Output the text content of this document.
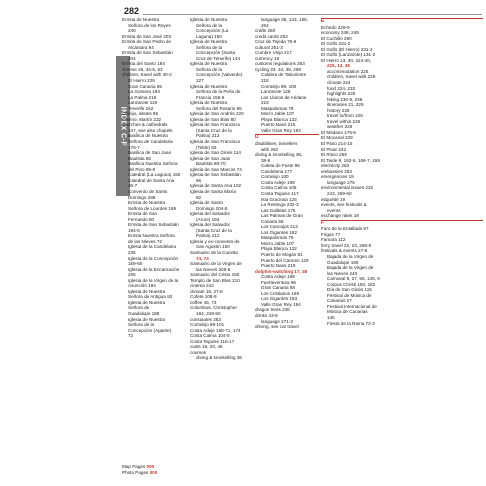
282
INDEX C-F
Ermita de Nuestra
Señora de los Reyes
240
Ermita de San José 203
Ermita de San Pedro de
Alcántara 94
Ermita de San Sebastián
204
Ermita del Santo 194
cheese 26, 44-5, 53
children, travel with 40-2
El Hierro 229
Gran Canaria 65
La Gomera 193
La Palma 219
Lanzarote 119
Tenerife 162
Chinijo, islotes 95
Chirino, Martín 232
churches & cathedrals
247, see also chapels
Basílica de Nuestra
Señora de Candelaria
176-7
Basílica de San Juan
Bautista 65
Basílica Nuestra Señora
del Pino 89-9
Catedral (La Laguna) 150
Catedral de Santa Ana
36-7
Convento de Santo
Domingo 288
Ermita de Nuestra
Señora de Lourdes 189
Ermita de San
Fernando 80
Ermita de San Sebastián
194-5
Ermita Nuestra Señora
de las Nieves 72
Iglesia de la Candelaria
235
Iglesia de la Concepción
159-60
Iglesia de la Encarnación
205
Iglesia de la Virgen de la
Asunción 184
Iglesia de Nuestra
Señora de Antigua 93
Iglesia de Nuestra
Señora de
Guadalupe 188
Iglesia de Nuestra
Señora de la
Concepción (Agaete)
72
Iglesia de Nuestra
Señora de la
Concepción (La
Laguna) 150
Iglesia de Nuestra
Señora de la
Concepción (Santa
Cruz de Tenerife) 144
Iglesia de Nuestra
Señora de la
Concepción (Valverde)
227
Iglesia de Nuestra
Señora de la Peña de
Francia 155-6
Iglesia de Nuestra
Señora del Rosario 95
Iglesia de San Andrés 220
Iglesia de San Blas 80
Iglesia de San Francisco
(Santa Cruz de la
Palma) 213
Iglesia de San Francisco
(Telde) 63
Iglesia de San Ginés 114
Iglesia de San Juan
Bautista 69-70
Iglesia de San Marcos 74
Iglesia de San Sebastián
66
Iglesia de Santa Ana 102
Iglesia de Santa María
92
Iglesia de Santo
Domingo 204-5
Iglesia del Salvador
(Arure) 193
Iglesia del Salvador
(Santa Cruz de la
Palma) 212
Iglesia y ex-convento de
San Agustín 150
Santuario de la Cuevita
74, 74
Santuario de la Virgen de
las Nieves 205-6
Santuario del Cristo 150
Templo de San Blas 210
cinema 242
climate 16, 27-8
Cofete 108-9
coffee 45, 73
Columbus, Christopher
184, 248-50
consulates 263
Corralejo 98-101
Costa Adeje 168-71, 174
Costa Calma 104-5
Costa Teguise 116-17
costs 19, 20, 46
courses
diving & snorkelling 36
language 35, 143, 156,
264
crafts 250
credit cards 263
Cruz de Tejeda 75-6
cultural 251-3
Cumbre Vieja 217
currency 19
customs regulations 263
cycling 23, 34, 38, 269
Caldera de Taburiente
216
Corralejo 99, 100
Lanzarote 128
Los Llanos de Aridane
218
Maspalomas 79
Morro Jable 107
Playa Blanca 132
Puerto Naos 215
Valle Gran Rey 194
D
disabilities, travellers
with 262
diving & snorkelling 36,
38-9
Caleta de Fuste 95
Candelaria 177
Corralejo 100
Costa Adeje 169
Costa Calma 105
Costa Teguise 117
Isla Graciosa 125
La Restinga 232-3
Las Galletas 175
Las Palmas de Gran
Canaria 58
Los Cancajos 213
Los Gigantes 182
Maspalomas 79
Morro Jable 107
Playa Blanca 132
Puerto de Mogán 81
Puerto del Carmen 129
Puerto Naos 219
dolphin-watching 17, 38
Costa Adeje 169
Fuerteventura 96
Gran Canaria 68
Los Cristianos 169
Los Gigantes 183
Valle Gran Rey 194
dragon trees 236
drinks 43-6
language 271-3
driving, see car travel
E
Echedo 229-9
economy 248, 249
El Cuchillo 290
El Golfo 231-2
El Golfo (El Hierro) 231-2
El Golfo (Lanzarote) 131-2
El Hierro 13, 30, 224-40,
225, 13, 36
accommodation 225
children, travel with 229
climate 224
food 224, 233
highlights 225
hiking 230-9, 236
itineraries 21, 229
history 226
travel to/from 226
travel within 226
weather 226
El Médano 175-6
El Mocanal 229
El Paso 214-15
El Pinar 232
El Risco 259
El Teide 9, 162-5, 166-7, 159
electricity 263
embassies 263
emergencies 19
language 275
environmental issues 232
243, 259-60
etiquette 19
events, see festivals &
events
exchange rates 19
F
Faro de la Entallada 97
Firgas 77
Famara 112
ferry travel 22, 23, 268-9
festivals & events 27-8
Bajada de la Virgen de
Guadalupe 185
Bajada de la Virgen de
las Nieves 240
Carnaval 9, 27, 56, 145, 9
Corpus Christi 150, 182
Día de San Ginés 115
Festival de Música de
Canarias 27
Festival Internacional de
Música de Canarias
145
Fiesta de la Rama 72-3
Map Pages 000
Photo Pages 000
